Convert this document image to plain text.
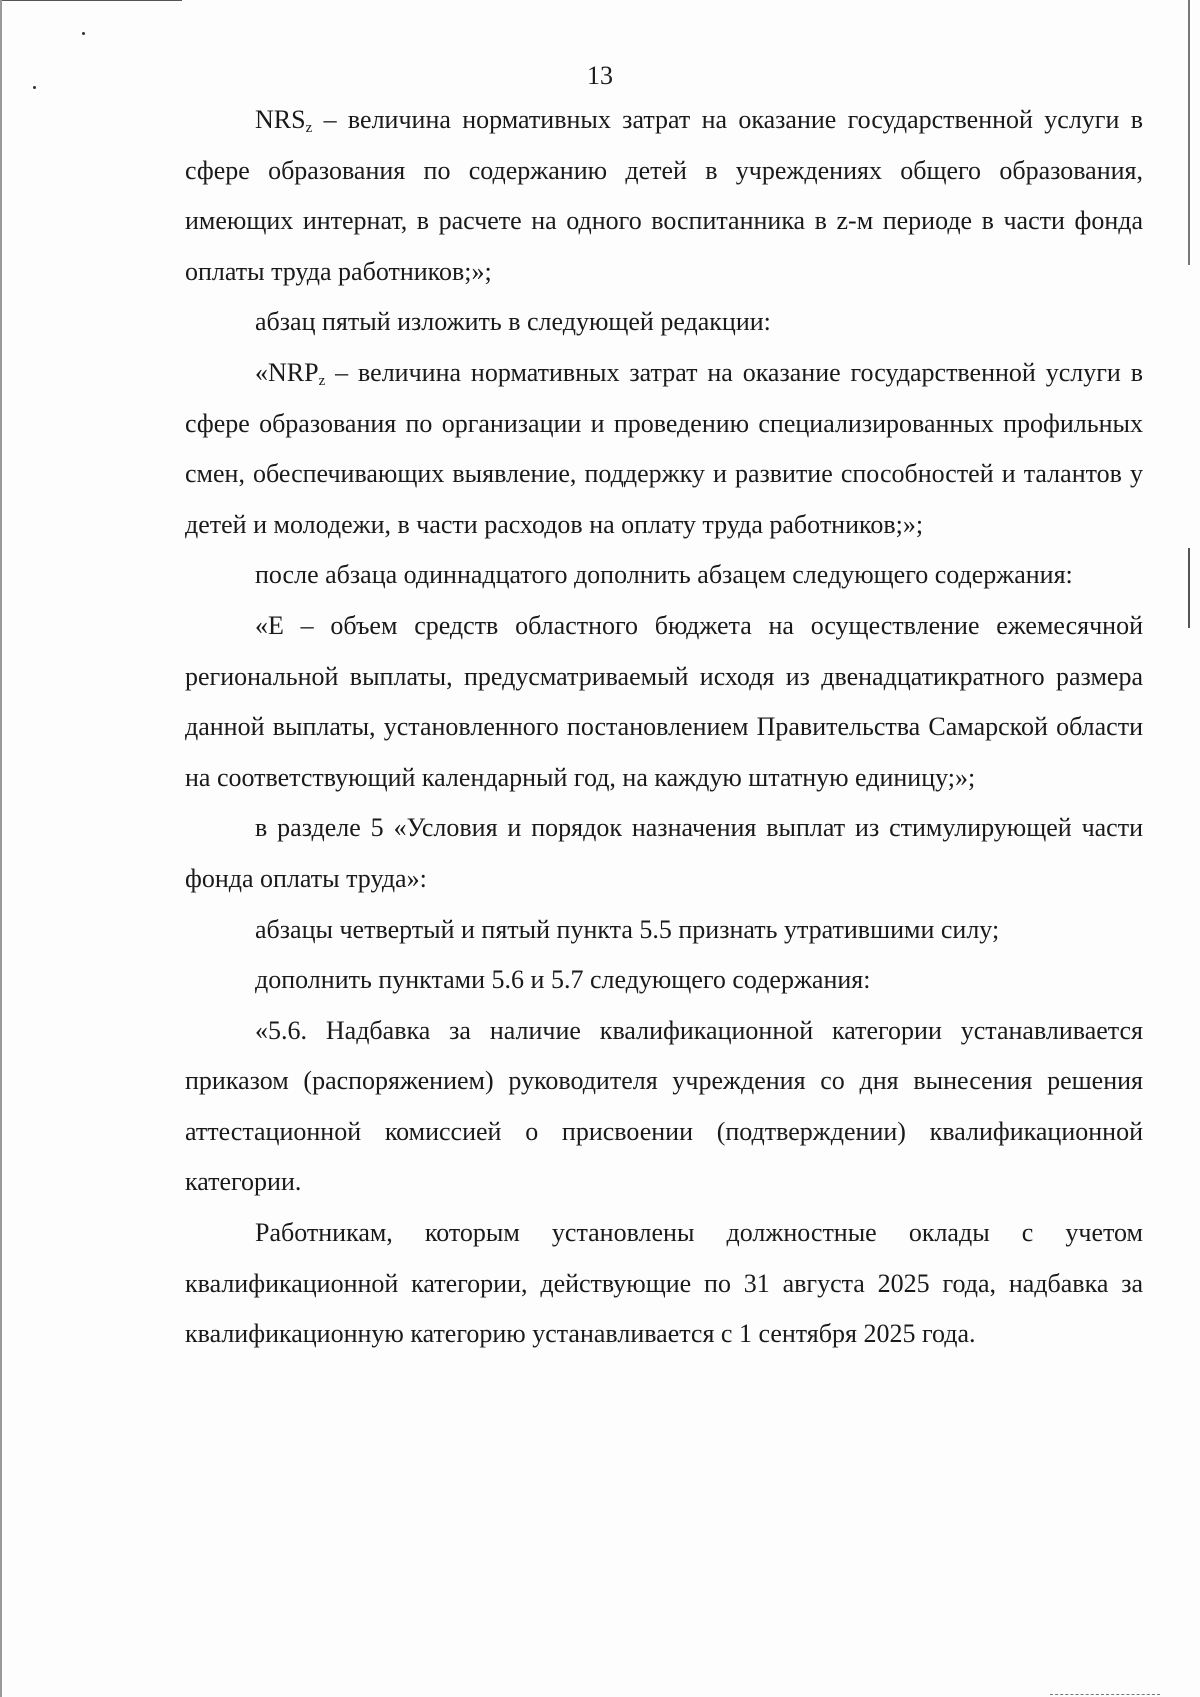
13

$NRS_z$ – величина нормативных затрат на оказание государственной услуги в сфере образования по содержанию детей в учреждениях общего образования, имеющих интернат, в расчете на одного воспитанника в z-м периоде в части фонда оплаты труда работников;»;

абзац пятый изложить в следующей редакции:

«$NRP_z$ – величина нормативных затрат на оказание государственной услуги в сфере образования по организации и проведению специализированных профильных смен, обеспечивающих выявление, поддержку и развитие способностей и талантов у детей и молодежи, в части расходов на оплату труда работников;»;

после абзаца одиннадцатого дополнить абзацем следующего содержания:

«E – объем средств областного бюджета на осуществление ежемесячной региональной выплаты, предусматриваемый исходя из двенадцатикратного размера данной выплаты, установленного постановлением Правительства Самарской области на соответствующий календарный год, на каждую штатную единицу;»;

в разделе 5 «Условия и порядок назначения выплат из стимулирующей части фонда оплаты труда»:

абзацы четвертый и пятый пункта 5.5 признать утратившими силу;

дополнить пунктами 5.6 и 5.7 следующего содержания:

«5.6. Надбавка за наличие квалификационной категории устанавливается приказом (распоряжением) руководителя учреждения со дня вынесения решения аттестационной комиссией о присвоении (подтверждении) квалификационной категории.

Работникам, которым установлены должностные оклады с учетом квалификационной категории, действующие по 31 августа 2025 года, надбавка за квалификационную категорию устанавливается с 1 сентября 2025 года.
